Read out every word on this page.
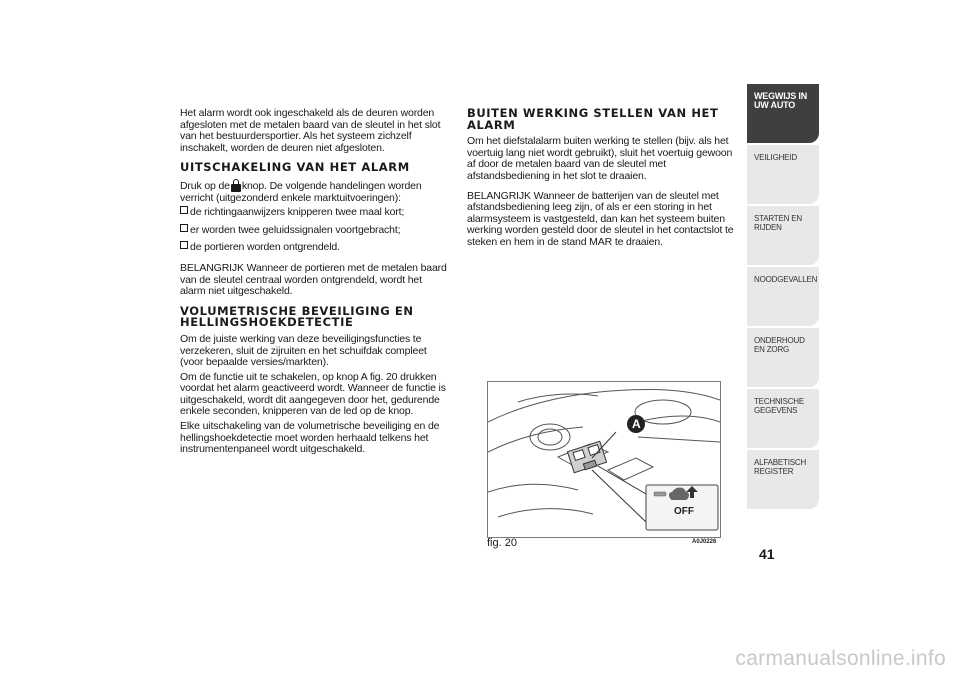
Het alarm wordt ook ingeschakeld als de deuren worden afgesloten met de metalen baard van de sleutel in het slot van het bestuurdersportier. Als het systeem zichzelf inschakelt, worden de deuren niet afgesloten.

UITSCHAKELING VAN HET ALARM

Druk op de knop. De volgende handelingen worden verricht (uitgezonderd enkele marktuitvoeringen):

de richtingaanwijzers knipperen twee maal kort;
er worden twee geluidssignalen voortgebracht;
de portieren worden ontgrendeld.

BELANGRIJK Wanneer de portieren met de metalen baard van de sleutel centraal worden ontgrendeld, wordt het alarm niet uitgeschakeld.

VOLUMETRISCHE BEVEILIGING EN HELLINGSHOEKDETECTIE

Om de juiste werking van deze beveiligingsfuncties te verzekeren, sluit de zijruiten en het schuifdak compleet (voor bepaalde versies/markten).

Om de functie uit te schakelen, op knop A fig. 20 drukken voordat het alarm geactiveerd wordt. Wanneer de functie is uitgeschakeld, wordt dit aangegeven door het, gedurende enkele seconden, knipperen van de led op de knop.

Elke uitschakeling van de volumetrische beveiliging en de hellingshoekdetectie moet worden herhaald telkens het instrumentenpaneel wordt uitgeschakeld.

BUITEN WERKING STELLEN VAN HET ALARM

Om het diefstalalarm buiten werking te stellen (bijv. als het voertuig lang niet wordt gebruikt), sluit het voertuig gewoon af door de metalen baard van de sleutel met afstandsbediening in het slot te draaien.

BELANGRIJK Wanneer de batterijen van de sleutel met afstandsbediening leeg zijn, of als er een storing in het alarmsysteem is vastgesteld, dan kan het systeem buiten werking worden gesteld door de sleutel in het contactslot te steken en hem in de stand MAR te draaien.

A
OFF
fig. 20	A0J0226
WEGWIJS IN UW AUTO
VEILIGHEID
STARTEN EN RIJDEN
NOODGEVALLEN
ONDERHOUD EN ZORG
TECHNISCHE GEGEVENS
ALFABETISCH REGISTER
41
carmanualsonline.info
